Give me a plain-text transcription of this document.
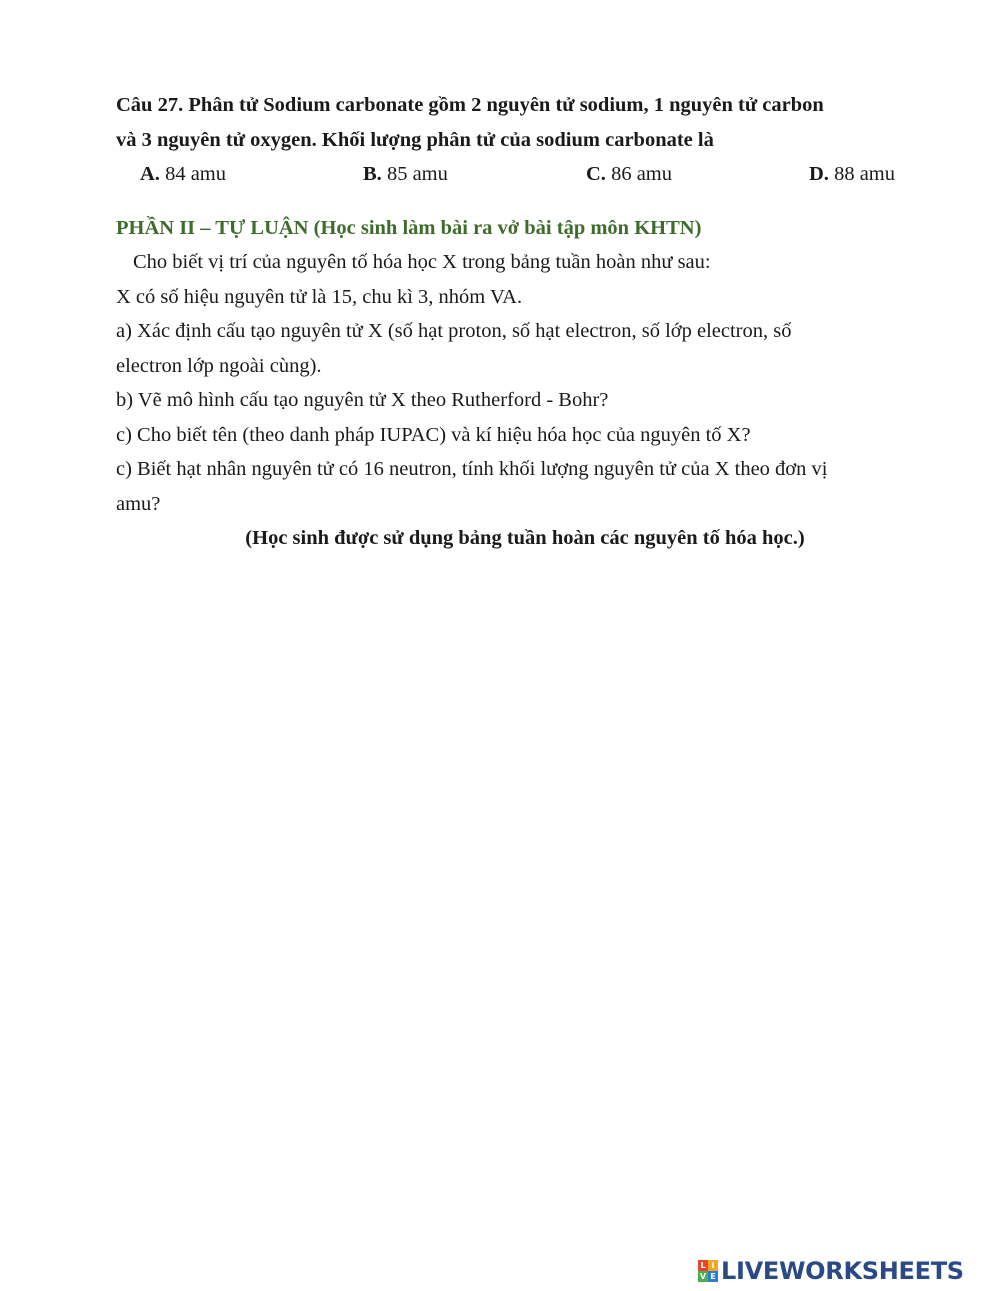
Câu 27. Phân tử Sodium carbonate gồm 2 nguyên tử sodium, 1 nguyên tử carbon
và 3 nguyên tử oxygen. Khối lượng phân tử của sodium carbonate là
A. 84 amu	B. 85 amu	C. 86 amu	D. 88 amu
PHẦN II – TỰ LUẬN (Học sinh làm bài ra vở bài tập môn KHTN)
Cho biết vị trí của nguyên tố hóa học X trong bảng tuần hoàn như sau:
X có số hiệu nguyên tử là 15, chu kì 3, nhóm VA.
a) Xác định cấu tạo nguyên tử X (số hạt proton, số hạt electron, số lớp electron, số
electron lớp ngoài cùng).
b) Vẽ mô hình cấu tạo nguyên tử X theo Rutherford - Bohr?
c) Cho biết tên (theo danh pháp IUPAC) và kí hiệu hóa học của nguyên tố X?
c) Biết hạt nhân nguyên tử có 16 neutron, tính khối lượng nguyên tử của X theo đơn vị
amu?
(Học sinh được sử dụng bảng tuần hoàn các nguyên tố hóa học.)
L I
V E LIVEWORKSHEETS
